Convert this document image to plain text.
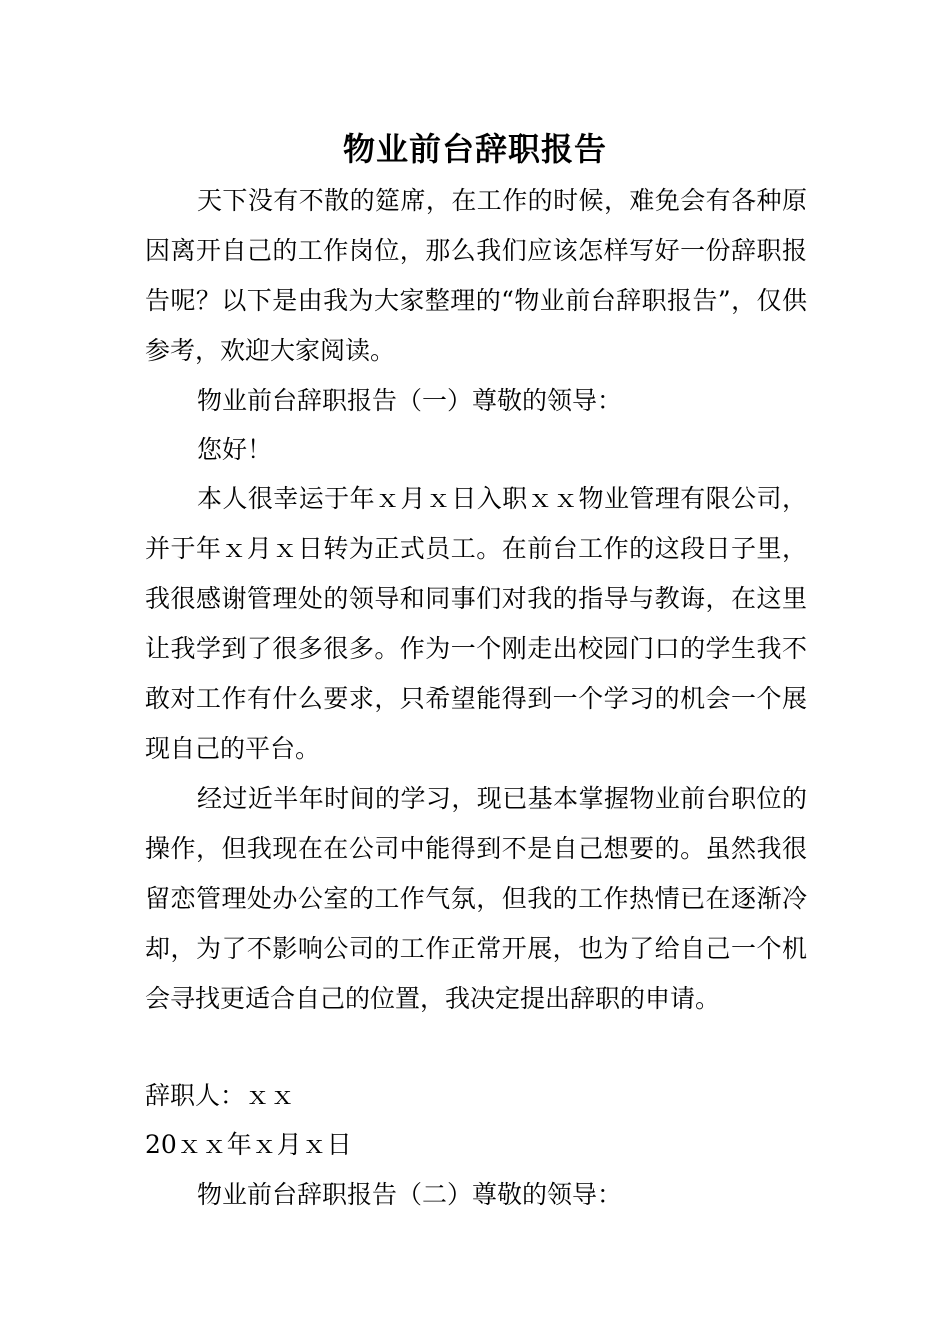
物业前台辞职报告

天下没有不散的筵席，在工作的时候，难免会有各种原因离开自己的工作岗位，那么我们应该怎样写好一份辞职报告呢？以下是由我为大家整理的“物业前台辞职报告”，仅供参考，欢迎大家阅读。

物业前台辞职报告（一）尊敬的领导：

您好！

本人很幸运于年ｘ月ｘ日入职ｘｘ物业管理有限公司，并于年ｘ月ｘ日转为正式员工。在前台工作的这段日子里，我很感谢管理处的领导和同事们对我的指导与教诲，在这里让我学到了很多很多。作为一个刚走出校园门口的学生我不敢对工作有什么要求，只希望能得到一个学习的机会一个展现自己的平台。

经过近半年时间的学习，现已基本掌握物业前台职位的操作，但我现在在公司中能得到不是自己想要的。虽然我很留恋管理处办公室的工作气氛，但我的工作热情已在逐渐冷却，为了不影响公司的工作正常开展，也为了给自己一个机会寻找更适合自己的位置，我决定提出辞职的申请。

辞职人：ｘｘ

20ｘｘ年ｘ月ｘ日

物业前台辞职报告（二）尊敬的领导：
